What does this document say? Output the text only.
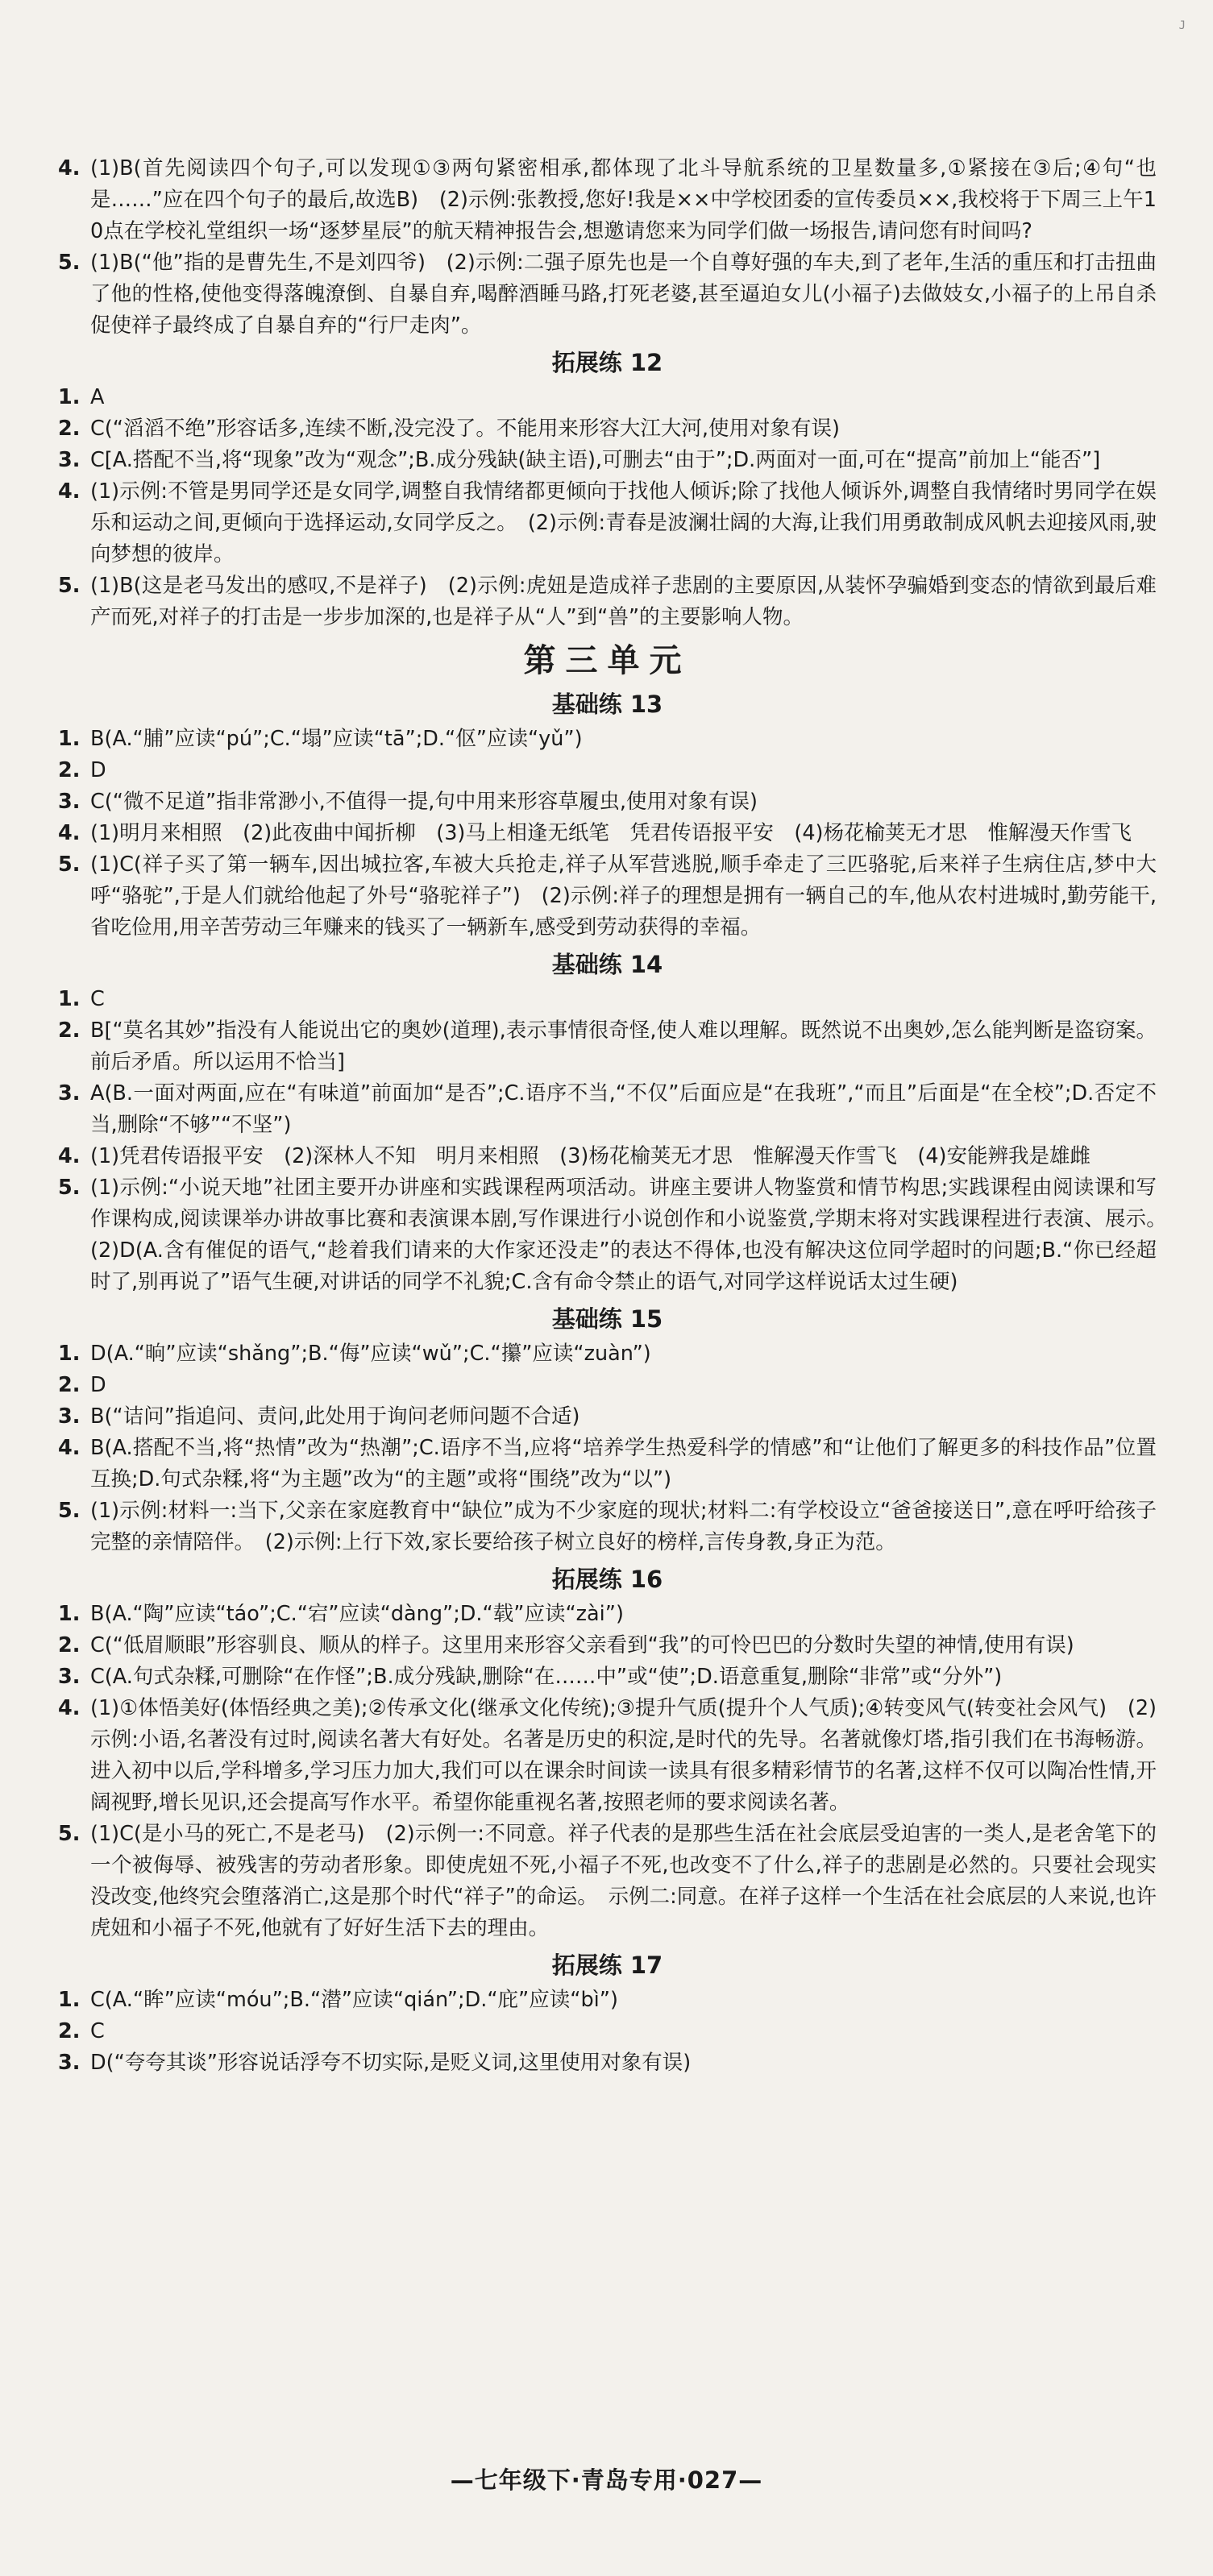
J
4. (1)B(首先阅读四个句子,可以发现①③两句紧密相承,都体现了北斗导航系统的卫星数量多,①紧接在③后;④句“也是……”应在四个句子的最后,故选B)　(2)示例:张教授,您好!我是××中学校团委的宣传委员××,我校将于下周三上午10点在学校礼堂组织一场“逐梦星辰”的航天精神报告会,想邀请您来为同学们做一场报告,请问您有时间吗?
5. (1)B(“他”指的是曹先生,不是刘四爷)　(2)示例:二强子原先也是一个自尊好强的车夫,到了老年,生活的重压和打击扭曲了他的性格,使他变得落魄潦倒、自暴自弃,喝醉酒睡马路,打死老婆,甚至逼迫女儿(小福子)去做妓女,小福子的上吊自杀促使祥子最终成了自暴自弃的“行尸走肉”。
拓展练 12
1. A
2. C(“滔滔不绝”形容话多,连续不断,没完没了。不能用来形容大江大河,使用对象有误)
3. C[A.搭配不当,将“现象”改为“观念”;B.成分残缺(缺主语),可删去“由于”;D.两面对一面,可在“提高”前加上“能否”]
4. (1)示例:不管是男同学还是女同学,调整自我情绪都更倾向于找他人倾诉;除了找他人倾诉外,调整自我情绪时男同学在娱乐和运动之间,更倾向于选择运动,女同学反之。　(2)示例:青春是波澜壮阔的大海,让我们用勇敢制成风帆去迎接风雨,驶向梦想的彼岸。
5. (1)B(这是老马发出的感叹,不是祥子)　(2)示例:虎妞是造成祥子悲剧的主要原因,从装怀孕骗婚到变态的情欲到最后难产而死,对祥子的打击是一步步加深的,也是祥子从“人”到“兽”的主要影响人物。
第三单元
基础练 13
1. B(A.“脯”应读“pú”;C.“塌”应读“tā”;D.“伛”应读“yǔ”)
2. D
3. C(“微不足道”指非常渺小,不值得一提,句中用来形容草履虫,使用对象有误)
4. (1)明月来相照　(2)此夜曲中闻折柳　(3)马上相逢无纸笔　凭君传语报平安　(4)杨花榆荚无才思　惟解漫天作雪飞
5. (1)C(祥子买了第一辆车,因出城拉客,车被大兵抢走,祥子从军营逃脱,顺手牵走了三匹骆驼,后来祥子生病住店,梦中大呼“骆驼”,于是人们就给他起了外号“骆驼祥子”)　(2)示例:祥子的理想是拥有一辆自己的车,他从农村进城时,勤劳能干,省吃俭用,用辛苦劳动三年赚来的钱买了一辆新车,感受到劳动获得的幸福。
基础练 14
1. C
2. B[“莫名其妙”指没有人能说出它的奥妙(道理),表示事情很奇怪,使人难以理解。既然说不出奥妙,怎么能判断是盗窃案。前后矛盾。所以运用不恰当]
3. A(B.一面对两面,应在“有味道”前面加“是否”;C.语序不当,“不仅”后面应是“在我班”,“而且”后面是“在全校”;D.否定不当,删除“不够”“不坚”)
4. (1)凭君传语报平安　(2)深林人不知　明月来相照　(3)杨花榆荚无才思　惟解漫天作雪飞　(4)安能辨我是雄雌
5. (1)示例:“小说天地”社团主要开办讲座和实践课程两项活动。讲座主要讲人物鉴赏和情节构思;实践课程由阅读课和写作课构成,阅读课举办讲故事比赛和表演课本剧,写作课进行小说创作和小说鉴赏,学期末将对实践课程进行表演、展示。　(2)D(A.含有催促的语气,“趁着我们请来的大作家还没走”的表达不得体,也没有解决这位同学超时的问题;B.“你已经超时了,别再说了”语气生硬,对讲话的同学不礼貌;C.含有命令禁止的语气,对同学这样说话太过生硬)
基础练 15
1. D(A.“晌”应读“shǎng”;B.“侮”应读“wǔ”;C.“攥”应读“zuàn”)
2. D
3. B(“诘问”指追问、责问,此处用于询问老师问题不合适)
4. B(A.搭配不当,将“热情”改为“热潮”;C.语序不当,应将“培养学生热爱科学的情感”和“让他们了解更多的科技作品”位置互换;D.句式杂糅,将“为主题”改为“的主题”或将“围绕”改为“以”)
5. (1)示例:材料一:当下,父亲在家庭教育中“缺位”成为不少家庭的现状;材料二:有学校设立“爸爸接送日”,意在呼吁给孩子完整的亲情陪伴。　(2)示例:上行下效,家长要给孩子树立良好的榜样,言传身教,身正为范。
拓展练 16
1. B(A.“陶”应读“táo”;C.“宕”应读“dàng”;D.“载”应读“zài”)
2. C(“低眉顺眼”形容驯良、顺从的样子。这里用来形容父亲看到“我”的可怜巴巴的分数时失望的神情,使用有误)
3. C(A.句式杂糅,可删除“在作怪”;B.成分残缺,删除“在……中”或“使”;D.语意重复,删除“非常”或“分外”)
4. (1)①体悟美好(体悟经典之美);②传承文化(继承文化传统);③提升气质(提升个人气质);④转变风气(转变社会风气)　(2)示例:小语,名著没有过时,阅读名著大有好处。名著是历史的积淀,是时代的先导。名著就像灯塔,指引我们在书海畅游。进入初中以后,学科增多,学习压力加大,我们可以在课余时间读一读具有很多精彩情节的名著,这样不仅可以陶冶性情,开阔视野,增长见识,还会提高写作水平。希望你能重视名著,按照老师的要求阅读名著。
5. (1)C(是小马的死亡,不是老马)　(2)示例一:不同意。祥子代表的是那些生活在社会底层受迫害的一类人,是老舍笔下的一个被侮辱、被残害的劳动者形象。即使虎妞不死,小福子不死,也改变不了什么,祥子的悲剧是必然的。只要社会现实没改变,他终究会堕落消亡,这是那个时代“祥子”的命运。　示例二:同意。在祥子这样一个生活在社会底层的人来说,也许虎妞和小福子不死,他就有了好好生活下去的理由。
拓展练 17
1. C(A.“眸”应读“móu”;B.“潜”应读“qián”;D.“庇”应读“bì”)
2. C
3. D(“夸夸其谈”形容说话浮夸不切实际,是贬义词,这里使用对象有误)
—七年级下·青岛专用·027—
